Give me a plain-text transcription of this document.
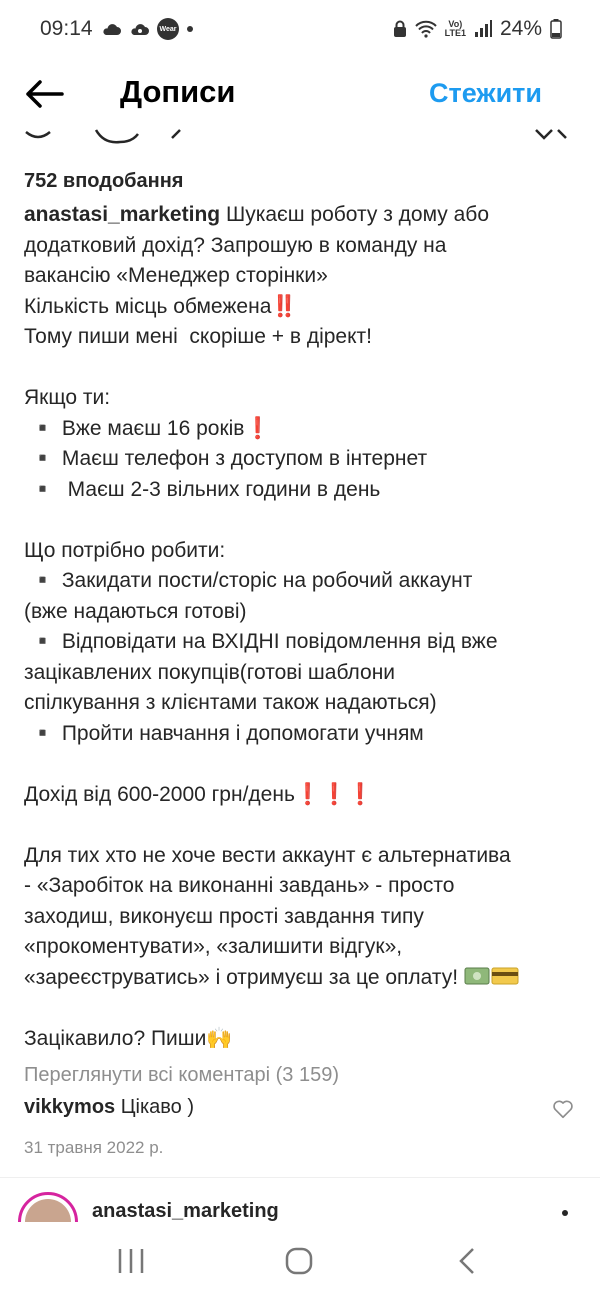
09:14	Wear	Vo)
LTE1 24%
Дописи	Стежити
752 вподобання
anastasi_marketing Шукаєш роботу з дому або
додатковий дохід? Запрошую в команду на
вакансію «Менеджер сторінки»
Кількість місць обмежена‼️
Тому пиши мені  скоріше + в дірект!

Якщо ти:
▪️ Вже маєш 16 років❗
▪️ Маєш телефон з доступом в інтернет
▪️  Маєш 2-3 вільних години в день

Що потрібно робити:
▪️ Закидати пости/сторіс на робочий аккаунт
(вже надаються готові)
▪️ Відповідати на ВХІДНІ повідомлення від вже
зацікавлених покупців(готові шаблони
спілкування з клієнтами також надаються)
▪️ Пройти навчання і допомогати учням

Дохід від 600-2000 грн/день❗❗❗

Для тих хто не хоче вести аккаунт є альтернатива
- «Заробіток на виконанні завдань» - просто
заходиш, виконуєш прості завдання типу
«прокоментувати», «залишити відгук»,
«зареєструватись» і отримуєш за це оплату!

Зацікавило? Пиши🙌
Переглянути всі коментарі (3 159)
vikkymos Цікаво )
31 травня 2022 р.
anastasi_marketing
